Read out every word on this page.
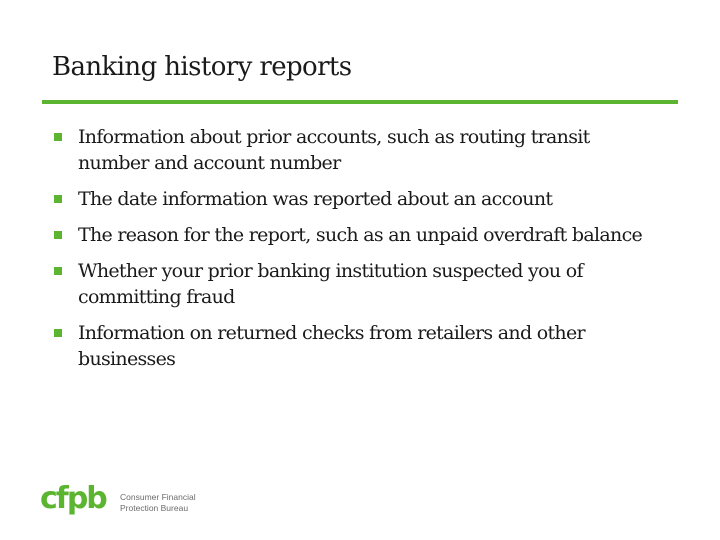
Banking history reports
Information about prior accounts, such as routing transit number and account number
The date information was reported about an account
The reason for the report, such as an unpaid overdraft balance
Whether your prior banking institution suspected you of committing fraud
Information on returned checks from retailers and other businesses
cfpb Consumer Financial
Protection Bureau
